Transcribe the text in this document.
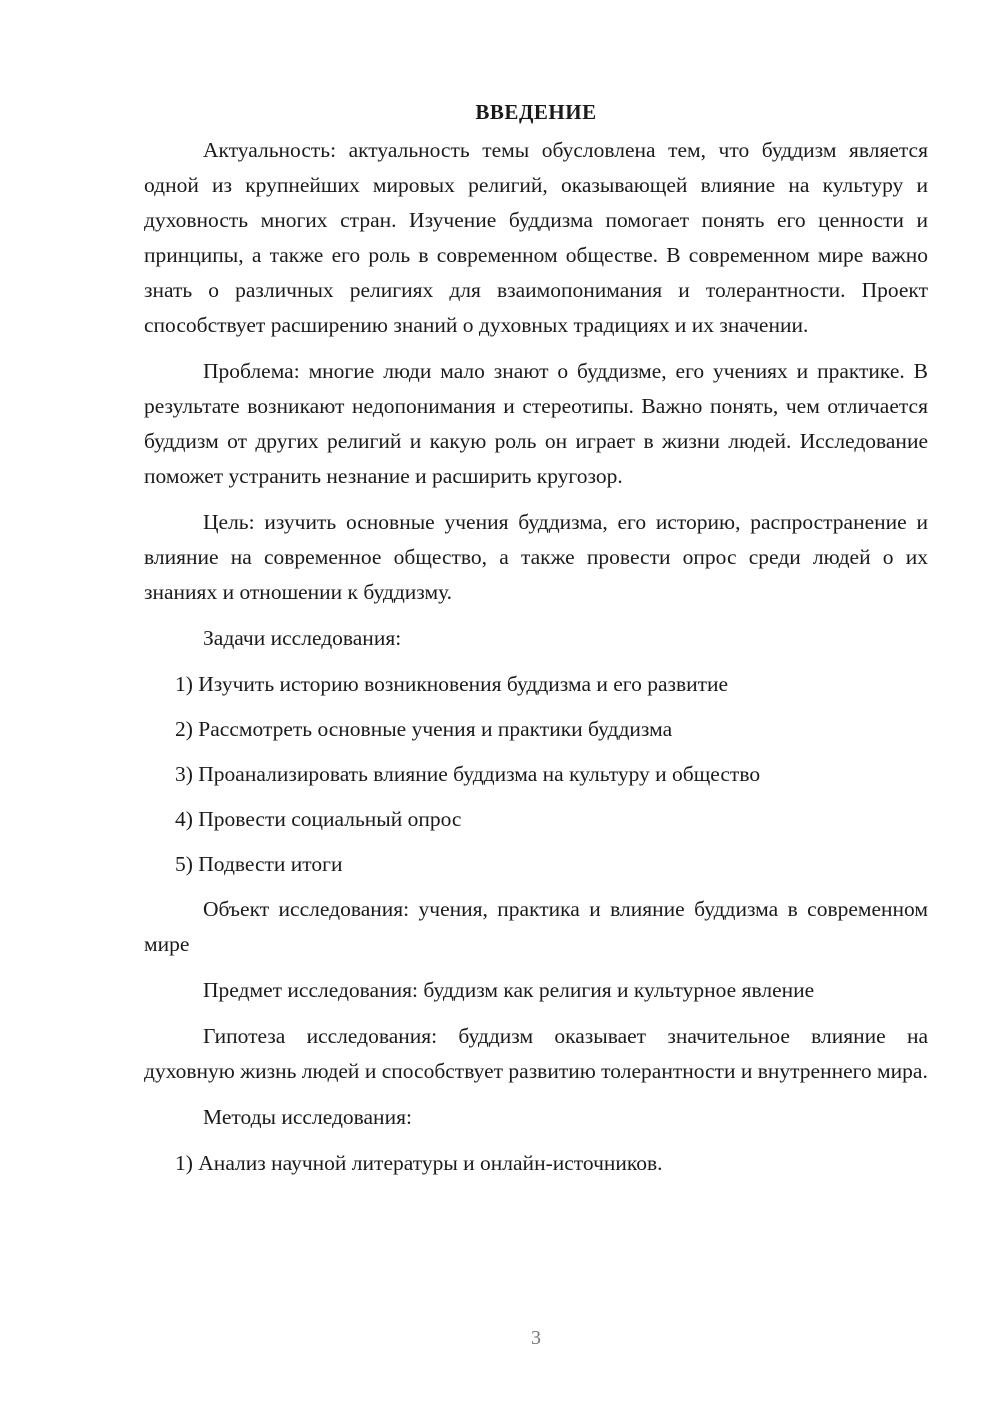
ВВЕДЕНИЕ

Актуальность: актуальность темы обусловлена тем, что буддизм является одной из крупнейших мировых религий, оказывающей влияние на культуру и духовность многих стран. Изучение буддизма помогает понять его ценности и принципы, а также его роль в современном обществе. В современном мире важно знать о различных религиях для взаимопонимания и толерантности. Проект способствует расширению знаний о духовных традициях и их значении.

Проблема: многие люди мало знают о буддизме, его учениях и практике. В результате возникают недопонимания и стереотипы. Важно понять, чем отличается буддизм от других религий и какую роль он играет в жизни людей. Исследование поможет устранить незнание и расширить кругозор.

Цель: изучить основные учения буддизма, его историю, распространение и влияние на современное общество, а также провести опрос среди людей о их знаниях и отношении к буддизму.

Задачи исследования:

1) Изучить историю возникновения буддизма и его развитие

2) Рассмотреть основные учения и практики буддизма

3) Проанализировать влияние буддизма на культуру и общество

4) Провести социальный опрос

5) Подвести итоги

Объект исследования: учения, практика и влияние буддизма в современном мире

Предмет исследования: буддизм как религия и культурное явление

Гипотеза исследования: буддизм оказывает значительное влияние на духовную жизнь людей и способствует развитию толерантности и внутреннего мира.

Методы исследования:

1) Анализ научной литературы и онлайн-источников.

3
